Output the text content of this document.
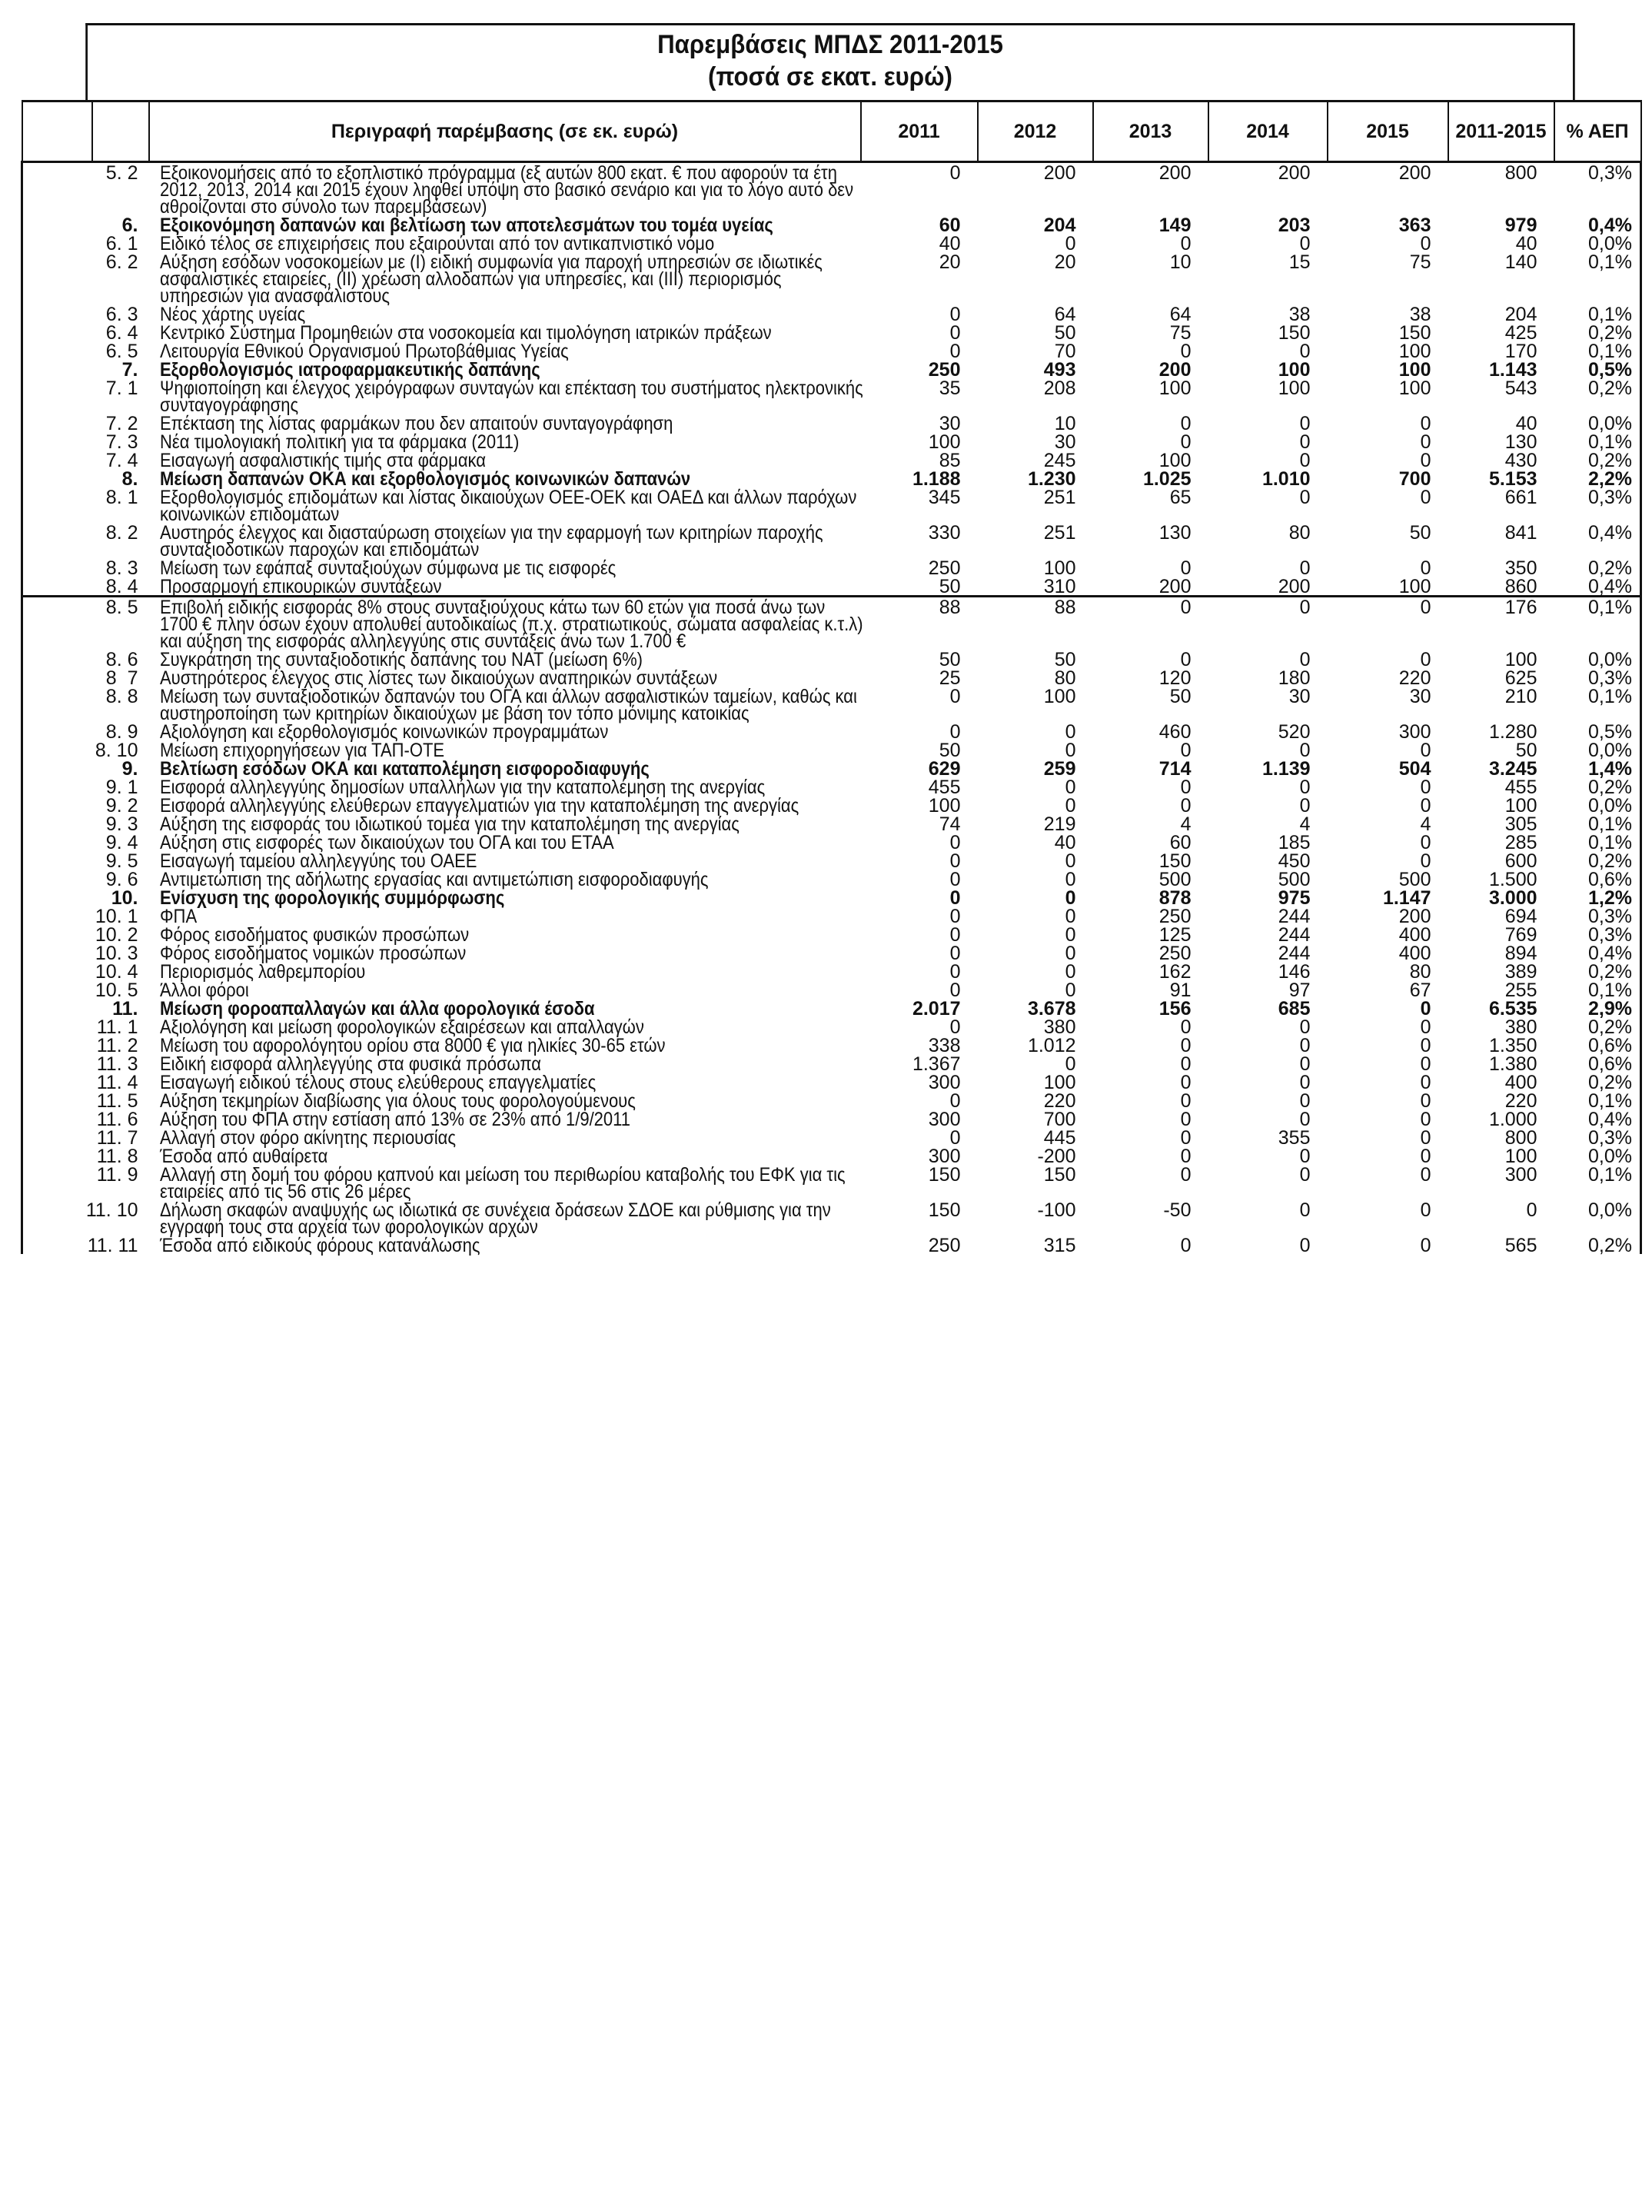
Παρεμβάσεις ΜΠΔΣ 2011-2015
(ποσά σε εκατ. ευρώ)
		Περιγραφή παρέμβασης (σε εκ. ευρώ)	2011	2012	2013	2014	2015	2011-2015	% ΑΕΠ
5. 2		Εξοικονομήσεις από το εξοπλιστικό πρόγραμμα (εξ αυτών 800 εκατ. € που αφορούν τα έτη 2012, 2013, 2014 και 2015 έχουν ληφθεί υπόψη στο βασικό σενάριο και για το λόγο αυτό δεν αθροίζονται στο σύνολο των παρεμβάσεων)	0	200	200	200	200	800	0,3%
6.		Εξοικονόμηση δαπανών και βελτίωση των αποτελεσμάτων του τομέα υγείας	60	204	149	203	363	979	0,4%
6. 1		Ειδικό τέλος σε επιχειρήσεις που εξαιρούνται από τον αντικαπνιστικό νόμο	40	0	0	0	0	40	0,0%
6. 2		Αύξηση εσόδων νοσοκομείων με (Ι) ειδική συμφωνία για παροχή υπηρεσιών σε ιδιωτικές ασφαλιστικές εταιρείες, (ΙΙ) χρέωση αλλοδαπών για υπηρεσίες, και (ΙΙΙ) περιορισμός υπηρεσιών για ανασφάλιστους	20	20	10	15	75	140	0,1%
6. 3		Νέος χάρτης υγείας	0	64	64	38	38	204	0,1%
6. 4		Κεντρικό Σύστημα Προμηθειών στα νοσοκομεία και τιμολόγηση ιατρικών πράξεων	0	50	75	150	150	425	0,2%
6. 5		Λειτουργία Εθνικού Οργανισμού Πρωτοβάθμιας Υγείας	0	70	0	0	100	170	0,1%
7.		Εξορθολογισμός ιατροφαρμακευτικής δαπάνης	250	493	200	100	100	1.143	0,5%
7. 1		Ψηφιοποίηση και έλεγχος χειρόγραφων συνταγών και επέκταση του συστήματος ηλεκτρονικής συνταγογράφησης	35	208	100	100	100	543	0,2%
7. 2		Επέκταση της λίστας φαρμάκων που δεν απαιτούν συνταγογράφηση	30	10	0	0	0	40	0,0%
7. 3		Νέα τιμολογιακή πολιτική για τα φάρμακα (2011)	100	30	0	0	0	130	0,1%
7. 4		Εισαγωγή ασφαλιστικής τιμής στα φάρμακα	85	245	100	0	0	430	0,2%
8.		Μείωση δαπανών ΟΚΑ και εξορθολογισμός κοινωνικών δαπανών	1.188	1.230	1.025	1.010	700	5.153	2,2%
8. 1		Εξορθολογισμός επιδομάτων και λίστας δικαιούχων ΟΕΕ-ΟΕΚ και ΟΑΕΔ και άλλων παρόχων κοινωνικών επιδομάτων	345	251	65	0	0	661	0,3%
8. 2		Αυστηρός έλεγχος και διασταύρωση στοιχείων για την εφαρμογή των κριτηρίων παροχής συνταξιοδοτικών παροχών και επιδομάτων	330	251	130	80	50	841	0,4%
8. 3		Μείωση των εφάπαξ συνταξιούχων σύμφωνα με τις εισφορές	250	100	0	0	0	350	0,2%
8. 4		Προσαρμογή επικουρικών συντάξεων	50	310	200	200	100	860	0,4%
8. 5		Επιβολή ειδικής εισφοράς 8% στους συνταξιούχους κάτω των 60 ετών για ποσά άνω των 1700 € πλην όσων έχουν απολυθεί αυτοδικαίως (π.χ. στρατιωτικούς, σώματα ασφαλείας κ.τ.λ) και αύξηση της εισφοράς αλληλεγγύης στις συντάξεις άνω των 1.700 €	88	88	0	0	0	176	0,1%
8. 6		Συγκράτηση της συνταξιοδοτικής δαπάνης του ΝΑΤ (μείωση 6%)	50	50	0	0	0	100	0,0%
8  7		Αυστηρότερος έλεγχος στις λίστες των δικαιούχων αναπηρικών συντάξεων	25	80	120	180	220	625	0,3%
8. 8		Μείωση των συνταξιοδοτικών δαπανών του ΟΓΑ και άλλων ασφαλιστικών ταμείων, καθώς και αυστηροποίηση των κριτηρίων δικαιούχων με βάση τον τόπο μόνιμης κατοικίας	0	100	50	30	30	210	0,1%
8. 9		Αξιολόγηση και εξορθολογισμός κοινωνικών προγραμμάτων	0	0	460	520	300	1.280	0,5%
8. 10		Μείωση επιχορηγήσεων για ΤΑΠ-ΟΤΕ	50	0	0	0	0	50	0,0%
9.		Βελτίωση εσόδων ΟΚΑ και καταπολέμηση εισφοροδιαφυγής	629	259	714	1.139	504	3.245	1,4%
9. 1		Εισφορά αλληλεγγύης δημοσίων υπαλλήλων για την καταπολέμηση της ανεργίας	455	0	0	0	0	455	0,2%
9. 2		Εισφορά αλληλεγγύης ελεύθερων επαγγελματιών για την καταπολέμηση της ανεργίας	100	0	0	0	0	100	0,0%
9. 3		Αύξηση της εισφοράς του ιδιωτικού τομέα για την καταπολέμηση της ανεργίας	74	219	4	4	4	305	0,1%
9. 4		Αύξηση στις εισφορές των δικαιούχων του ΟΓΑ και του ΕΤΑΑ	0	40	60	185	0	285	0,1%
9. 5		Εισαγωγή ταμείου αλληλεγγύης του ΟΑΕΕ	0	0	150	450	0	600	0,2%
9. 6		Αντιμετώπιση της αδήλωτης εργασίας και αντιμετώπιση εισφοροδιαφυγής	0	0	500	500	500	1.500	0,6%
10.		Ενίσχυση της φορολογικής συμμόρφωσης	0	0	878	975	1.147	3.000	1,2%
10. 1		ΦΠΑ	0	0	250	244	200	694	0,3%
10. 2		Φόρος εισοδήματος φυσικών προσώπων	0	0	125	244	400	769	0,3%
10. 3		Φόρος εισοδήματος νομικών προσώπων	0	0	250	244	400	894	0,4%
10. 4		Περιορισμός λαθρεμπορίου	0	0	162	146	80	389	0,2%
10. 5		Άλλοι φόροι	0	0	91	97	67	255	0,1%
11.		Μείωση φοροαπαλλαγών και άλλα φορολογικά έσοδα	2.017	3.678	156	685	0	6.535	2,9%
11. 1		Αξιολόγηση και μείωση φορολογικών εξαιρέσεων και απαλλαγών	0	380	0	0	0	380	0,2%
11. 2		Μείωση του αφορολόγητου ορίου στα 8000 € για ηλικίες 30-65 ετών	338	1.012	0	0	0	1.350	0,6%
11. 3		Ειδική εισφορά αλληλεγγύης στα φυσικά πρόσωπα	1.367	0	0	0	0	1.380	0,6%
11. 4		Εισαγωγή ειδικού τέλους στους ελεύθερους επαγγελματίες	300	100	0	0	0	400	0,2%
11. 5		Αύξηση τεκμηρίων διαβίωσης για όλους τους φορολογούμενους	0	220	0	0	0	220	0,1%
11. 6		Αύξηση του ΦΠΑ στην εστίαση από 13% σε 23% από 1/9/2011	300	700	0	0	0	1.000	0,4%
11. 7		Αλλαγή στον φόρο ακίνητης περιουσίας	0	445	0	355	0	800	0,3%
11. 8		Έσοδα από αυθαίρετα	300	-200	0	0	0	100	0,0%
11. 9		Αλλαγή στη δομή του φόρου καπνού και μείωση του περιθωρίου καταβολής του ΕΦΚ για τις εταιρείες από τις 56 στις 26 μέρες	150	150	0	0	0	300	0,1%
11. 10		Δήλωση σκαφών αναψυχής ως ιδιωτικά σε συνέχεια δράσεων ΣΔΟΕ και ρύθμισης για την εγγραφή τους στα αρχεία των φορολογικών αρχών	150	-100	-50	0	0	0	0,0%
11. 11		Έσοδα από ειδικούς φόρους κατανάλωσης	250	315	0	0	0	565	0,2%
